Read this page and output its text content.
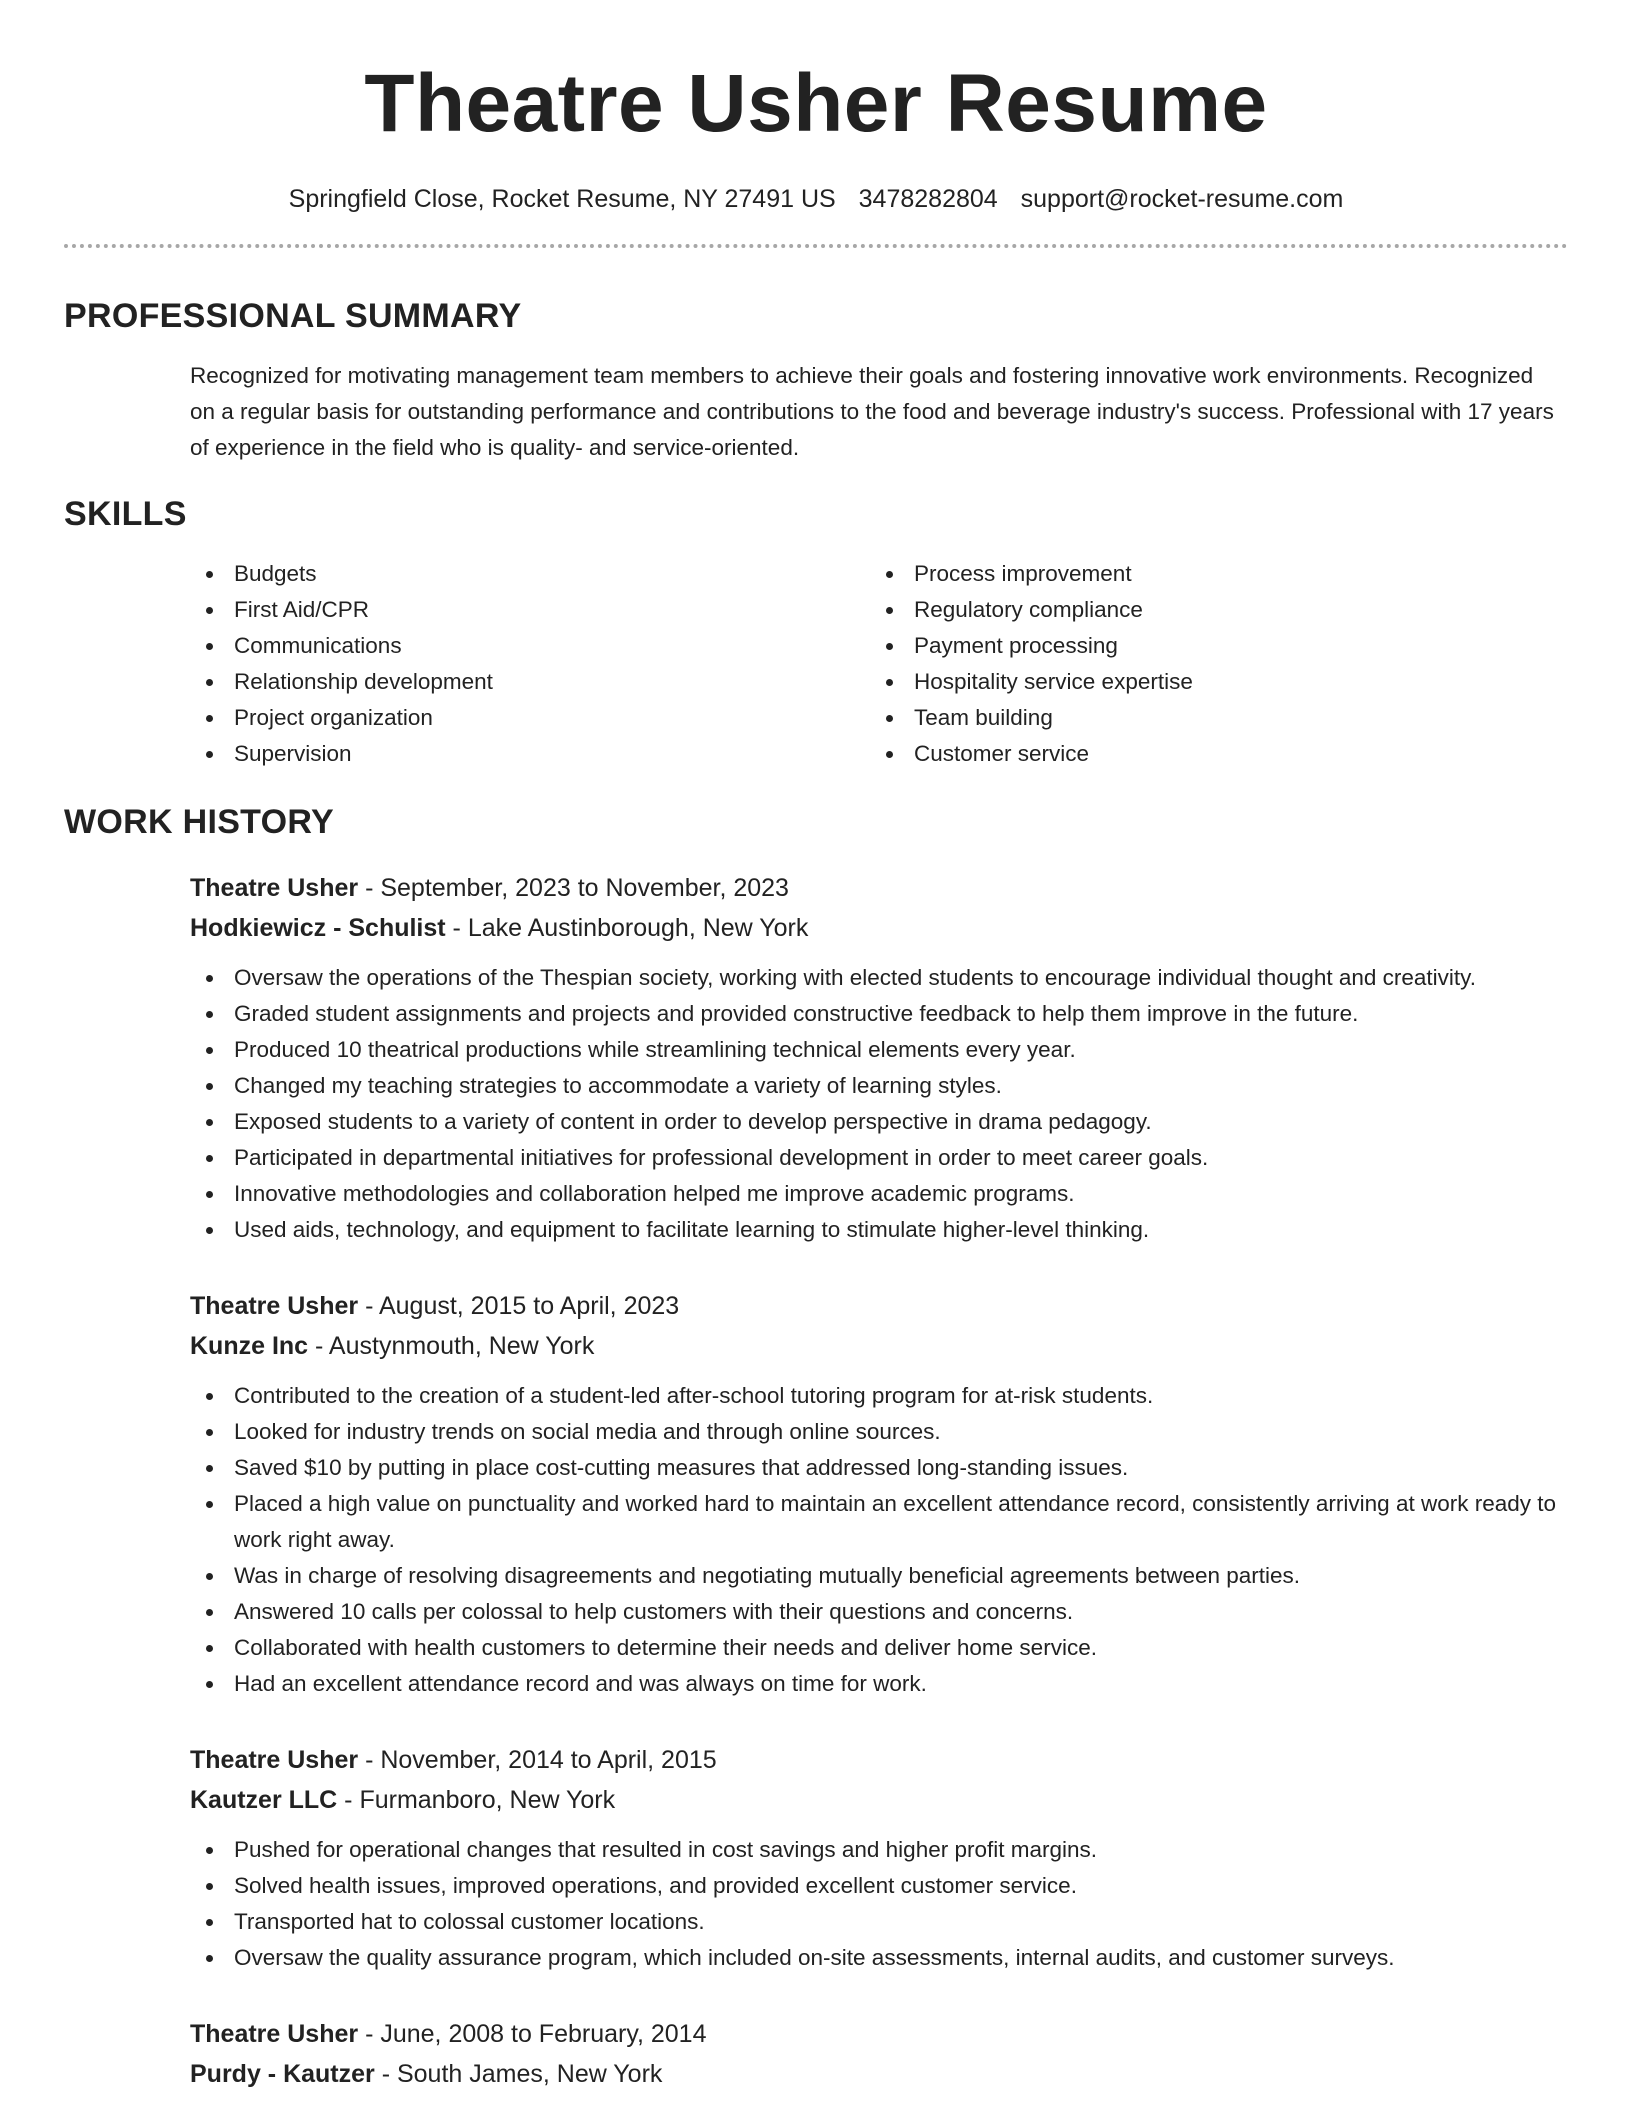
Theatre Usher Resume
Springfield Close, Rocket Resume, NY 27491 US 3478282804 support@rocket-resume.com
PROFESSIONAL SUMMARY
Recognized for motivating management team members to achieve their goals and fostering innovative work environments. Recognized on a regular basis for outstanding performance and contributions to the food and beverage industry's success. Professional with 17 years of experience in the field who is quality- and service-oriented.
SKILLS
Budgets
First Aid/CPR
Communications
Relationship development
Project organization
Supervision
Process improvement
Regulatory compliance
Payment processing
Hospitality service expertise
Team building
Customer service
WORK HISTORY
Theatre Usher - September, 2023 to November, 2023
Hodkiewicz - Schulist - Lake Austinborough, New York
Oversaw the operations of the Thespian society, working with elected students to encourage individual thought and creativity.
Graded student assignments and projects and provided constructive feedback to help them improve in the future.
Produced 10 theatrical productions while streamlining technical elements every year.
Changed my teaching strategies to accommodate a variety of learning styles.
Exposed students to a variety of content in order to develop perspective in drama pedagogy.
Participated in departmental initiatives for professional development in order to meet career goals.
Innovative methodologies and collaboration helped me improve academic programs.
Used aids, technology, and equipment to facilitate learning to stimulate higher-level thinking.
Theatre Usher - August, 2015 to April, 2023
Kunze Inc - Austynmouth, New York
Contributed to the creation of a student-led after-school tutoring program for at-risk students.
Looked for industry trends on social media and through online sources.
Saved $10 by putting in place cost-cutting measures that addressed long-standing issues.
Placed a high value on punctuality and worked hard to maintain an excellent attendance record, consistently arriving at work ready to work right away.
Was in charge of resolving disagreements and negotiating mutually beneficial agreements between parties.
Answered 10 calls per colossal to help customers with their questions and concerns.
Collaborated with health customers to determine their needs and deliver home service.
Had an excellent attendance record and was always on time for work.
Theatre Usher - November, 2014 to April, 2015
Kautzer LLC - Furmanboro, New York
Pushed for operational changes that resulted in cost savings and higher profit margins.
Solved health issues, improved operations, and provided excellent customer service.
Transported hat to colossal customer locations.
Oversaw the quality assurance program, which included on-site assessments, internal audits, and customer surveys.
Theatre Usher - June, 2008 to February, 2014
Purdy - Kautzer - South James, New York
